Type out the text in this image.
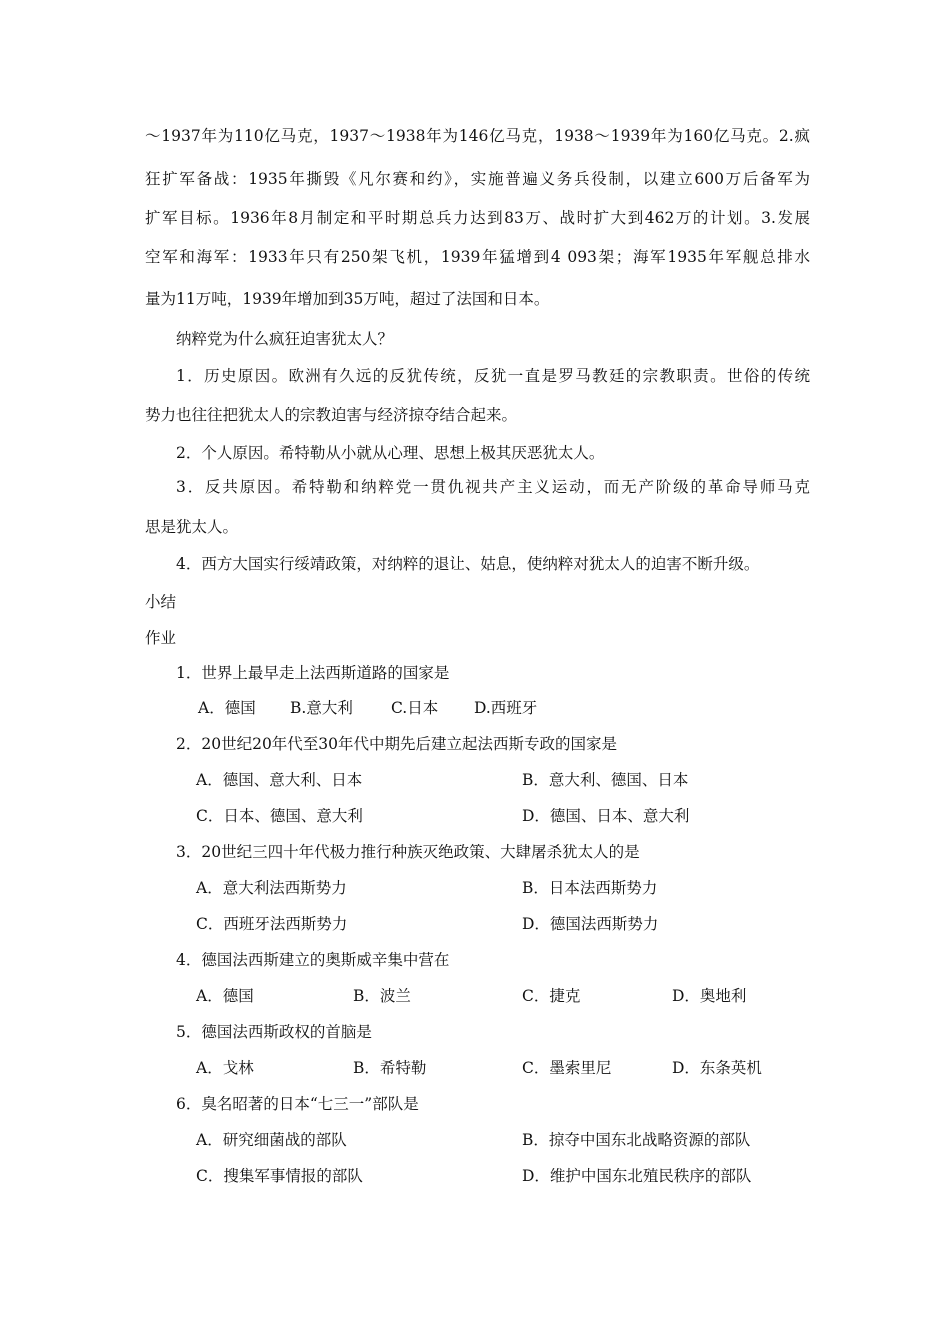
～1937年为110亿马克，1937～1938年为146亿马克，1938～1939年为160亿马克。2.疯
狂扩军备战：1935年撕毁《凡尔赛和约》，实施普遍义务兵役制，以建立600万后备军为
扩军目标。1936年8月制定和平时期总兵力达到83万、战时扩大到462万的计划。3.发展
空军和海军：1933年只有250架飞机，1939年猛增到4 093架；海军1935年军舰总排水
量为11万吨，1939年增加到35万吨，超过了法国和日本。
纳粹党为什么疯狂迫害犹太人？
1．历史原因。欧洲有久远的反犹传统，反犹一直是罗马教廷的宗教职责。世俗的传统
势力也往往把犹太人的宗教迫害与经济掠夺结合起来。
2．个人原因。希特勒从小就从心理、思想上极其厌恶犹太人。
3．反共原因。希特勒和纳粹党一贯仇视共产主义运动，而无产阶级的革命导师马克
思是犹太人。
4．西方大国实行绥靖政策，对纳粹的退让、姑息，使纳粹对犹太人的迫害不断升级。
小结
作业
1．世界上最早走上法西斯道路的国家是
A．德国 B.意大利 C.日本 D.西班牙
2．20世纪20年代至30年代中期先后建立起法西斯专政的国家是
A．德国、意大利、日本	B．意大利、德国、日本
C．日本、德国、意大利	D．德国、日本、意大利
3．20世纪三四十年代极力推行种族灭绝政策、大肆屠杀犹太人的是
A．意大利法西斯势力	B．日本法西斯势力
C．西班牙法西斯势力	D．德国法西斯势力
4．德国法西斯建立的奥斯威辛集中营在
A．德国	B．波兰	C．捷克	D．奥地利
5．德国法西斯政权的首脑是
A．戈林	B．希特勒	C．墨索里尼	D．东条英机
6．臭名昭著的日本“七三一”部队是
A．研究细菌战的部队	B．掠夺中国东北战略资源的部队
C．搜集军事情报的部队	D．维护中国东北殖民秩序的部队
